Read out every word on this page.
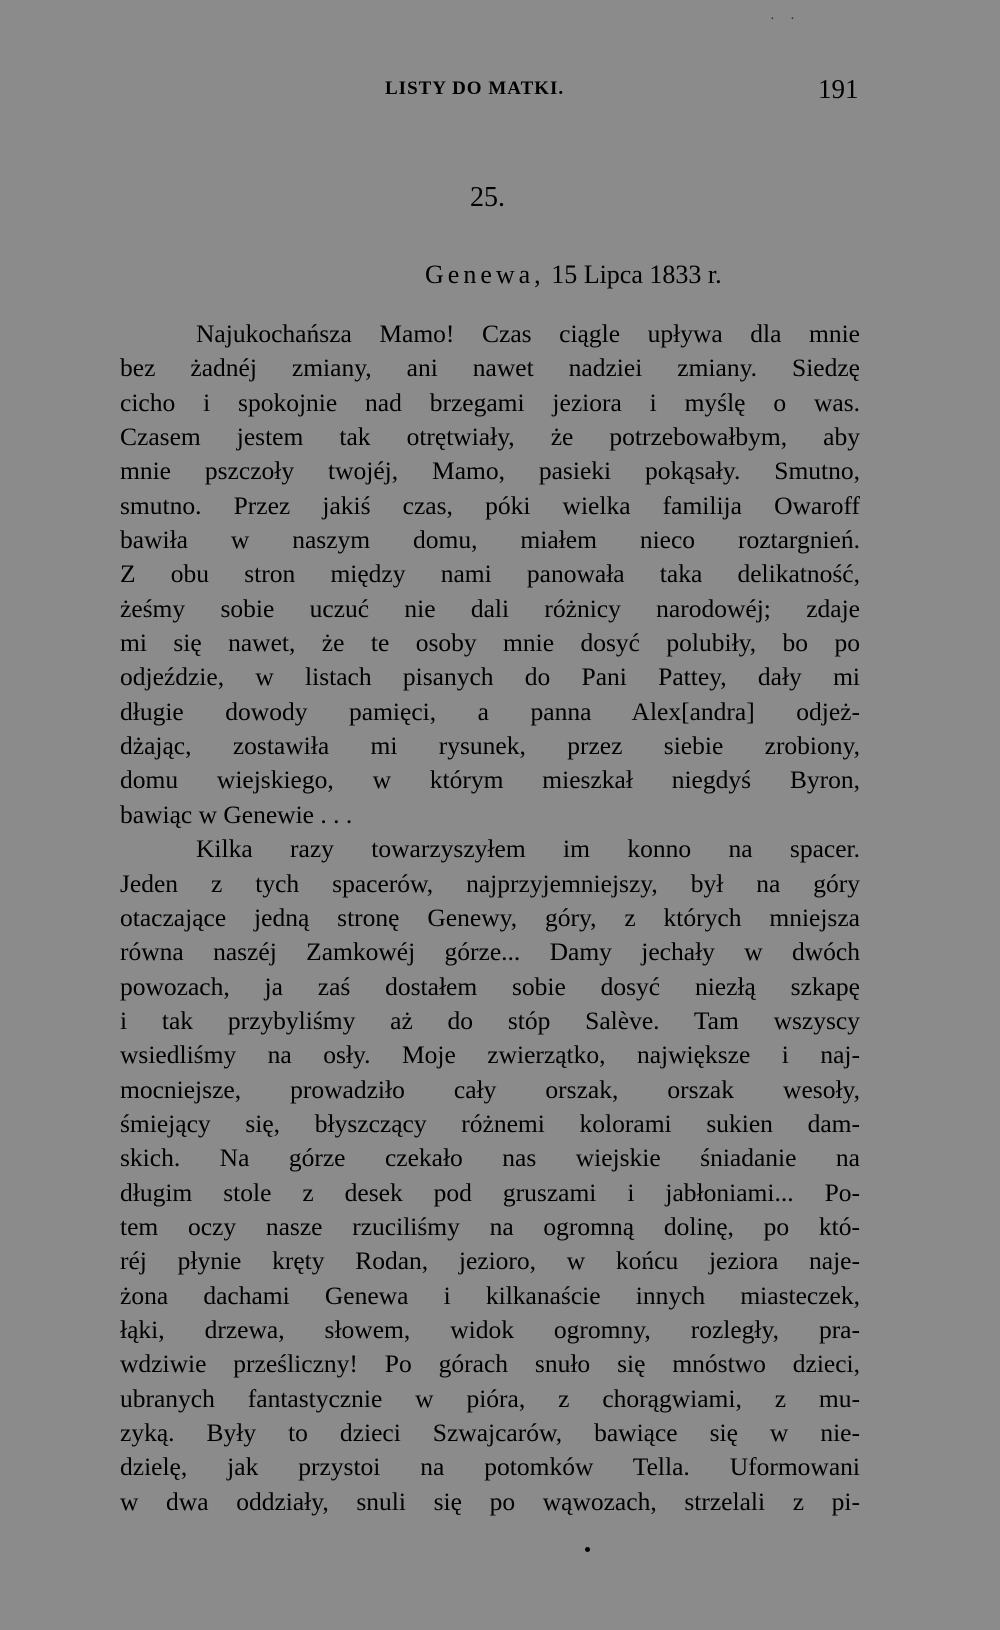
· ·
LISTY DO MATKI.	191
25.
Genewa, 15 Lipca 1833 r.
Najukochańsza Mamo! Czas ciągle upływa dla mnie
bez żadnéj zmiany, ani nawet nadziei zmiany. Siedzę
cicho i spokojnie nad brzegami jeziora i myślę o was.
Czasem jestem tak otrętwiały, że potrzebowałbym, aby
mnie pszczoły twojéj, Mamo, pasieki pokąsały. Smutno,
smutno. Przez jakiś czas, póki wielka familija Owaroff
bawiła w naszym domu, miałem nieco roztargnień.
Z obu stron między nami panowała taka delikatność,
żeśmy sobie uczuć nie dali różnicy narodowéj; zdaje
mi się nawet, że te osoby mnie dosyć polubiły, bo po
odjeździe, w listach pisanych do Pani Pattey, dały mi
długie dowody pamięci, a panna Alex[andra] odjeż-
dżając, zostawiła mi rysunek, przez siebie zrobiony,
domu wiejskiego, w którym mieszkał niegdyś Byron,
bawiąc w Genewie . . .
Kilka razy towarzyszyłem im konno na spacer.
Jeden z tych spacerów, najprzyjemniejszy, był na góry
otaczające jedną stronę Genewy, góry, z których mniejsza
równa naszéj Zamkowéj górze... Damy jechały w dwóch
powozach, ja zaś dostałem sobie dosyć niezłą szkapę
i tak przybyliśmy aż do stóp Salève. Tam wszyscy
wsiedliśmy na osły. Moje zwierzątko, największe i naj-
mocniejsze, prowadziło cały orszak, orszak wesoły,
śmiejący się, błyszczący różnemi kolorami sukien dam-
skich. Na górze czekało nas wiejskie śniadanie na
długim stole z desek pod gruszami i jabłoniami... Po-
tem oczy nasze rzuciliśmy na ogromną dolinę, po któ-
réj płynie kręty Rodan, jezioro, w końcu jeziora naje-
żona dachami Genewa i kilkanaście innych miasteczek,
łąki, drzewa, słowem, widok ogromny, rozległy, pra-
wdziwie prześliczny! Po górach snuło się mnóstwo dzieci,
ubranych fantastycznie w pióra, z chorągwiami, z mu-
zyką. Były to dzieci Szwajcarów, bawiące się w nie-
dzielę, jak przystoi na potomków Tella. Uformowani
w dwa oddziały, snuli się po wąwozach, strzelali z pi-
